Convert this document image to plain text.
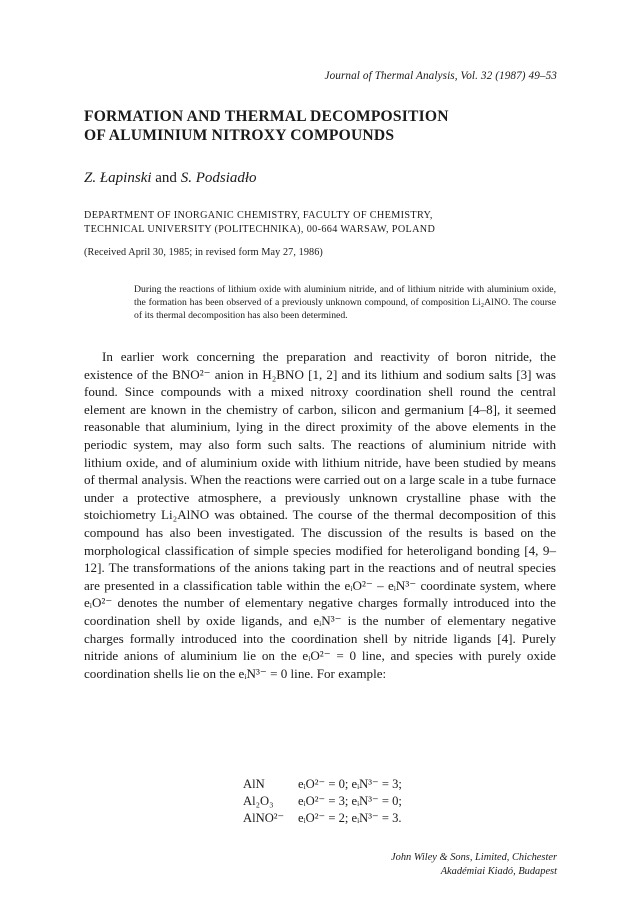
Journal of Thermal Analysis, Vol. 32 (1987) 49–53
FORMATION AND THERMAL DECOMPOSITION
OF ALUMINIUM NITROXY COMPOUNDS
Z. Łapinski and S. Podsiadło
DEPARTMENT OF INORGANIC CHEMISTRY, FACULTY OF CHEMISTRY,
TECHNICAL UNIVERSITY (POLITECHNIKA), 00-664 WARSAW, POLAND
(Received April 30, 1985; in revised form May 27, 1986)

During the reactions of lithium oxide with aluminium nitride, and of lithium nitride with aluminium oxide, the formation has been observed of a previously unknown compound, of composition Li₂AlNO. The course of its thermal decomposition has also been determined.

In earlier work concerning the preparation and reactivity of boron nitride, the existence of the BNO²⁻ anion in H₂BNO [1, 2] and its lithium and sodium salts [3] was found. Since compounds with a mixed nitroxy coordination shell round the central element are known in the chemistry of carbon, silicon and germanium [4–8], it seemed reasonable that aluminium, lying in the direct proximity of the above elements in the periodic system, may also form such salts. The reactions of aluminium nitride with lithium oxide, and of aluminium oxide with lithium nitride, have been studied by means of thermal analysis. When the reactions were carried out on a large scale in a tube furnace under a protective atmosphere, a previously unknown crystalline phase with the stoichiometry Li₂AlNO was obtained. The course of the thermal decomposition of this compound has also been investigated. The discussion of the results is based on the morphological classification of simple species modified for heteroligand bonding [4, 9–12]. The transformations of the anions taking part in the reactions and of neutral species are presented in a classification table within the eᵢO²⁻ – eᵢN³⁻ coordinate system, where eᵢO²⁻ denotes the number of elementary negative charges formally introduced into the coordination shell by oxide ligands, and eᵢN³⁻ is the number of elementary negative charges formally introduced into the coordination shell by nitride ligands [4]. Purely nitride anions of aluminium lie on the eᵢO²⁻ = 0 line, and species with purely oxide coordination shells lie on the eᵢN³⁻ = 0 line. For example:

AlN	eᵢO²⁻ = 0; eᵢN³⁻ = 3;
Al₂O₃	eᵢO²⁻ = 3; eᵢN³⁻ = 0;
AlNO²⁻	eᵢO²⁻ = 2; eᵢN³⁻ = 3.
John Wiley & Sons, Limited, Chichester
Akadémiai Kiadó, Budapest
